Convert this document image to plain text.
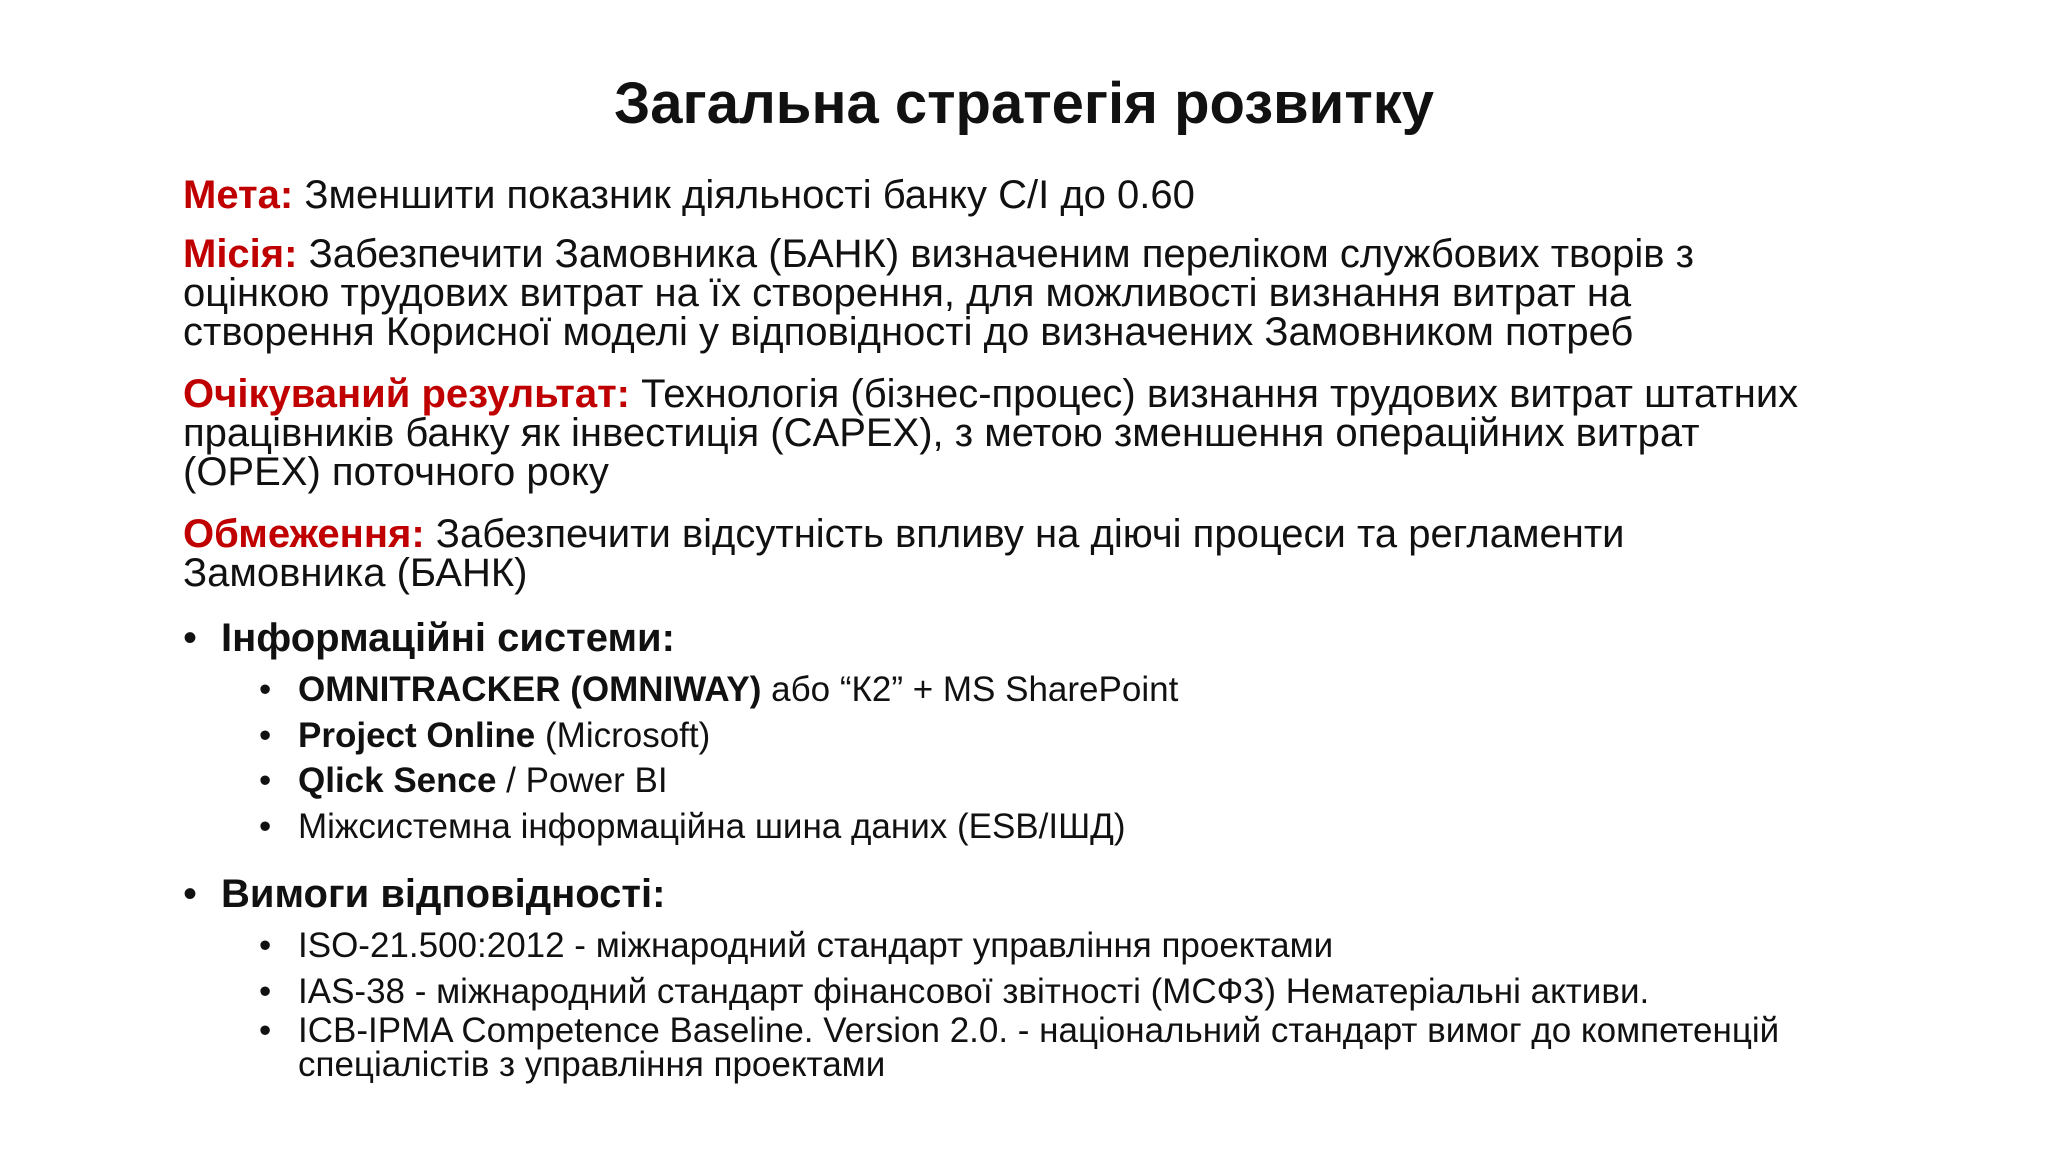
Загальна стратегія розвитку
Мета: Зменшити показник діяльності банку С/І до 0.60
Місія: Забезпечити Замовника (БАНК) визначеним переліком службових творів з
оцінкою трудових витрат на їх створення, для можливості визнання витрат на
створення Корисної моделі у відповідності до визначених Замовником потреб
Очікуваний результат: Технологія (бізнес-процес) визнання трудових витрат штатних
працівників банку як інвестиція (CAPEX), з метою зменшення операційних витрат
(OPEX) поточного року
Обмеження: Забезпечити відсутність впливу на діючі процеси та регламенти
Замовника (БАНК)
• Інформаційні системи:
• OMNITRACKER (OMNIWAY) або “К2” + MS SharePoint
• Project Online (Microsoft)
• Qlick Sence / Power BI
• Міжсистемна інформаційна шина даних (ESB/ІШД)
• Вимоги відповідності:
• ISO-21.500:2012 - міжнародний стандарт управління проектами
• IAS-38 - міжнародний стандарт фінансової звітності (МСФЗ) Нематеріальні активи.
• ICB-IPMA Competence Baseline. Version 2.0. - національний стандарт вимог до компетенцій
спеціалістів з управління проектами
